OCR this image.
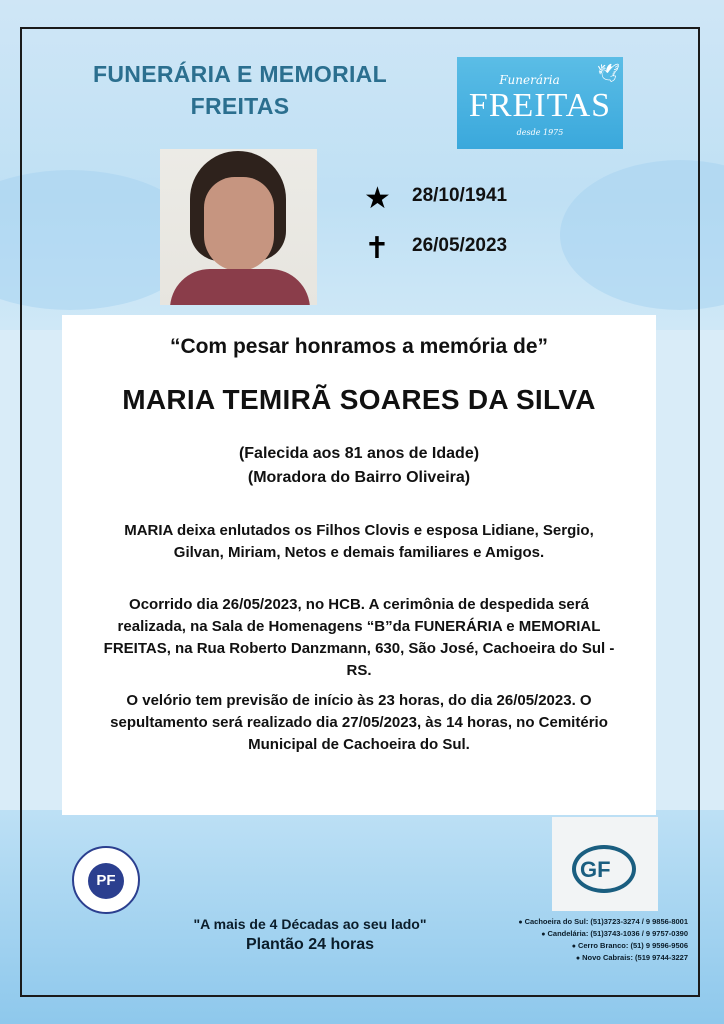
FUNERÁRIA E MEMORIAL
FREITAS
Funerária	🕊
FREITAS
desde 1975
★ 28/10/1941
✝ 26/05/2023
“Com pesar honramos a memória de”
MARIA TEMIRÃ SOARES DA SILVA
(Falecida aos 81 anos de Idade)
(Moradora do Bairro Oliveira)
MARIA deixa enlutados os Filhos Clovis e esposa Lidiane, Sergio,
Gilvan, Miriam, Netos e demais familiares e Amigos.
Ocorrido dia 26/05/2023, no HCB. A cerimônia de despedida será
realizada, na Sala de Homenagens “B”da FUNERÁRIA e MEMORIAL
FREITAS, na Rua Roberto Danzmann, 630, São José, Cachoeira do Sul -
RS.
O velório tem previsão de início às 23 horas, do dia 26/05/2023. O
sepultamento será realizado dia 27/05/2023, às 14 horas, no Cemitério
Municipal de Cachoeira do Sul.
PF	GF
"A mais de 4 Décadas ao seu lado"
Plantão 24 horas
● Cachoeira do Sul: (51)3723-3274 / 9 9856-8001
● Candelária: (51)3743-1036 / 9 9757-0390
● Cerro Branco: (51) 9 9596-9506
● Novo Cabrais: (519 9744-3227
